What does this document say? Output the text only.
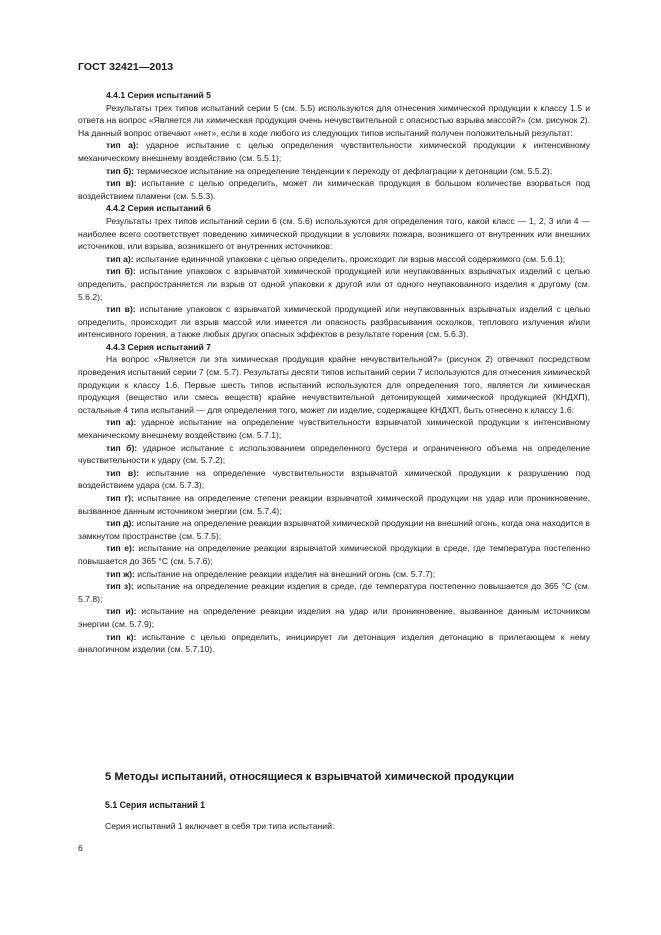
ГОСТ 32421—2013

4.4.1 Серия испытаний 5

Результаты трех типов испытаний серии 5 (см. 5.5) используются для отнесения химической продукции к классу 1.5 и ответа на вопрос «Является ли химическая продукция очень нечувствительной с опасностью взрыва массой?» (см. рисунок 2). На данный вопрос отвечают «нет», если в ходе любого из следующих типов испытаний получен положительный результат:

тип а): ударное испытание с целью определения чувствительности химической продукции к интенсивному механическому внешнему воздействию (см. 5.5.1);

тип б): термическое испытание на определение тенденции к переходу от дефлаграции к детонации (см. 5.5.2);

тип в): испытание с целью определить, может ли химическая продукция в большом количестве взорваться под воздействием пламени (см. 5.5.3).

4.4.2 Серия испытаний 6

Результаты трех типов испытаний серии 6 (см. 5.6) используются для определения того, какой класс — 1, 2, 3 или 4 — наиболее всего соответствует поведению химической продукции в условиях пожара, возникшего от внутренних или внешних источников, или взрыва, возникшего от внутренних источников:

тип а): испытание единичной упаковки с целью определить, происходит ли взрыв массой содержимого (см. 5.6.1);

тип б): испытание упаковок с взрывчатой химической продукцией или неупакованных взрывчатых изделий с целью определить, распространяется ли взрыв от одной упаковки к другой или от одного неупакованного изделия к другому (см. 5.6.2);

тип в): испытание упаковок с взрывчатой химической продукцией или неупакованных взрывчатых изделий с целью определить, происходит ли взрыв массой или имеется ли опасность разбрасывания осколков, теплового излучения и/или интенсивного горения, а также любых других опасных эффектов в результате горения (см. 5.6.3).

4.4.3 Серия испытаний 7

На вопрос «Является ли эта химическая продукция крайне нечувствительной?» (рисунок 2) отвечают посредством проведения испытаний серии 7 (см. 5.7). Результаты десяти типов испытаний серии 7 используются для отнесения химической продукции к классу 1.6. Первые шесть типов испытаний используются для определения того, является ли химическая продукция (вещество или смесь веществ) крайне нечувствительной детонирующей химической продукцией (КНДХП), остальные 4 типа испытаний — для определения того, может ли изделие, содержащее КНДХП, быть отнесено к классу 1.6:

тип а): ударное испытание на определение чувствительности взрывчатой химической продукции к интенсивному механическому внешнему воздействию (см. 5.7.1);

тип б): ударное испытание с использованием определенного бустера и ограниченного объема на определение чувствительности к удару (см. 5.7.2);

тип в): испытание на определение чувствительности взрывчатой химической продукции к разрушению под воздействием удара (см. 5.7.3);

тип г): испытание на определение степени реакции взрывчатой химической продукции на удар или проникновение, вызванное данным источником энергии (см. 5.7.4);

тип д): испытание на определение реакции взрывчатой химической продукции на внешний огонь, когда она находится в замкнутом пространстве (см. 5.7.5);

тип е): испытание на определение реакции взрывчатой химической продукции в среде, где температура постепенно повышается до 365 °С (см. 5.7.6);

тип ж): испытание на определение реакции изделия на внешний огонь (см. 5.7.7);

тип з): испытание на определение реакции изделия в среде, где температура постепенно повышается до 365 °С (см. 5.7.8);

тип и): испытание на определение реакции изделия на удар или проникновение, вызванное данным источником энергии (см. 5.7.9);

тип к): испытание с целью определить, инициирует ли детонация изделия детонацию в прилегающем к нему аналогичном изделии (см. 5.7.10).

5 Методы испытаний, относящиеся к взрывчатой химической продукции
5.1 Серия испытаний 1
Серия испытаний 1 включает в себя три типа испытаний:
6
